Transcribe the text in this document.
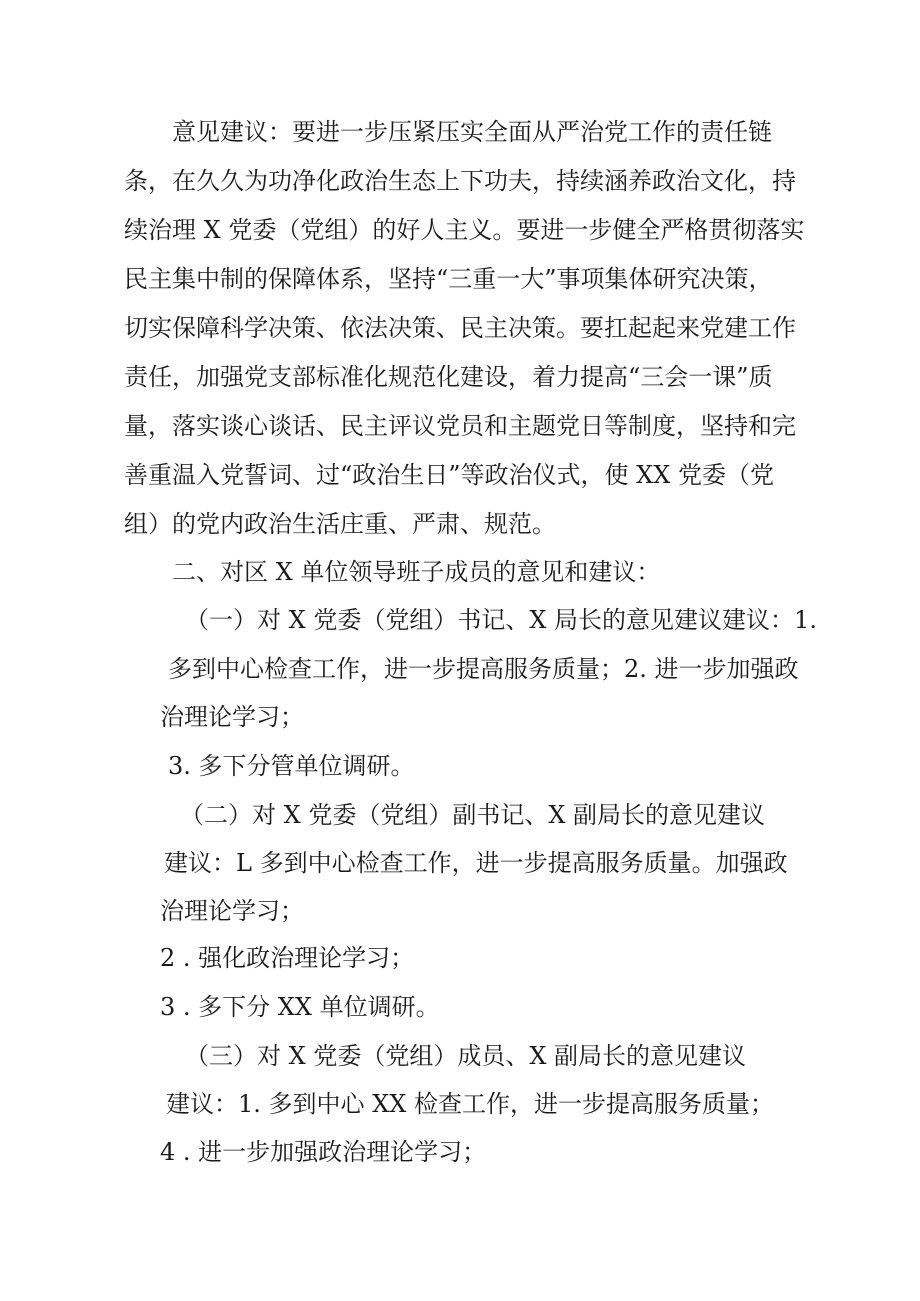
意见建议：要进一步压紧压实全面从严治党工作的责任链
条，在久久为功净化政治生态上下功夫，持续涵养政治文化，持
续治理 X 党委（党组）的好人主义。要进一步健全严格贯彻落实
民主集中制的保障体系，坚持“三重一大”事项集体研究决策，
切实保障科学决策、依法决策、民主决策。要扛起起来党建工作
责任，加强党支部标准化规范化建设，着力提高“三会一课”质
量，落实谈心谈话、民主评议党员和主题党日等制度，坚持和完
善重温入党誓词、过“政治生日”等政治仪式，使 XX 党委（党
组）的党内政治生活庄重、严肃、规范。
二、对区 X 单位领导班子成员的意见和建议：
（一）对 X 党委（党组）书记、X 局长的意见建议建议：1.
多到中心检查工作，进一步提高服务质量；2. 进一步加强政
治理论学习；
3. 多下分管单位调研。
（二）对 X 党委（党组）副书记、X 副局长的意见建议
建议：L 多到中心检查工作，进一步提高服务质量。加强政
治理论学习；
2 . 强化政治理论学习；
3 . 多下分 XX 单位调研。
（三）对 X 党委（党组）成员、X 副局长的意见建议
建议：1. 多到中心 XX 检查工作，进一步提高服务质量；
4 . 进一步加强政治理论学习；
